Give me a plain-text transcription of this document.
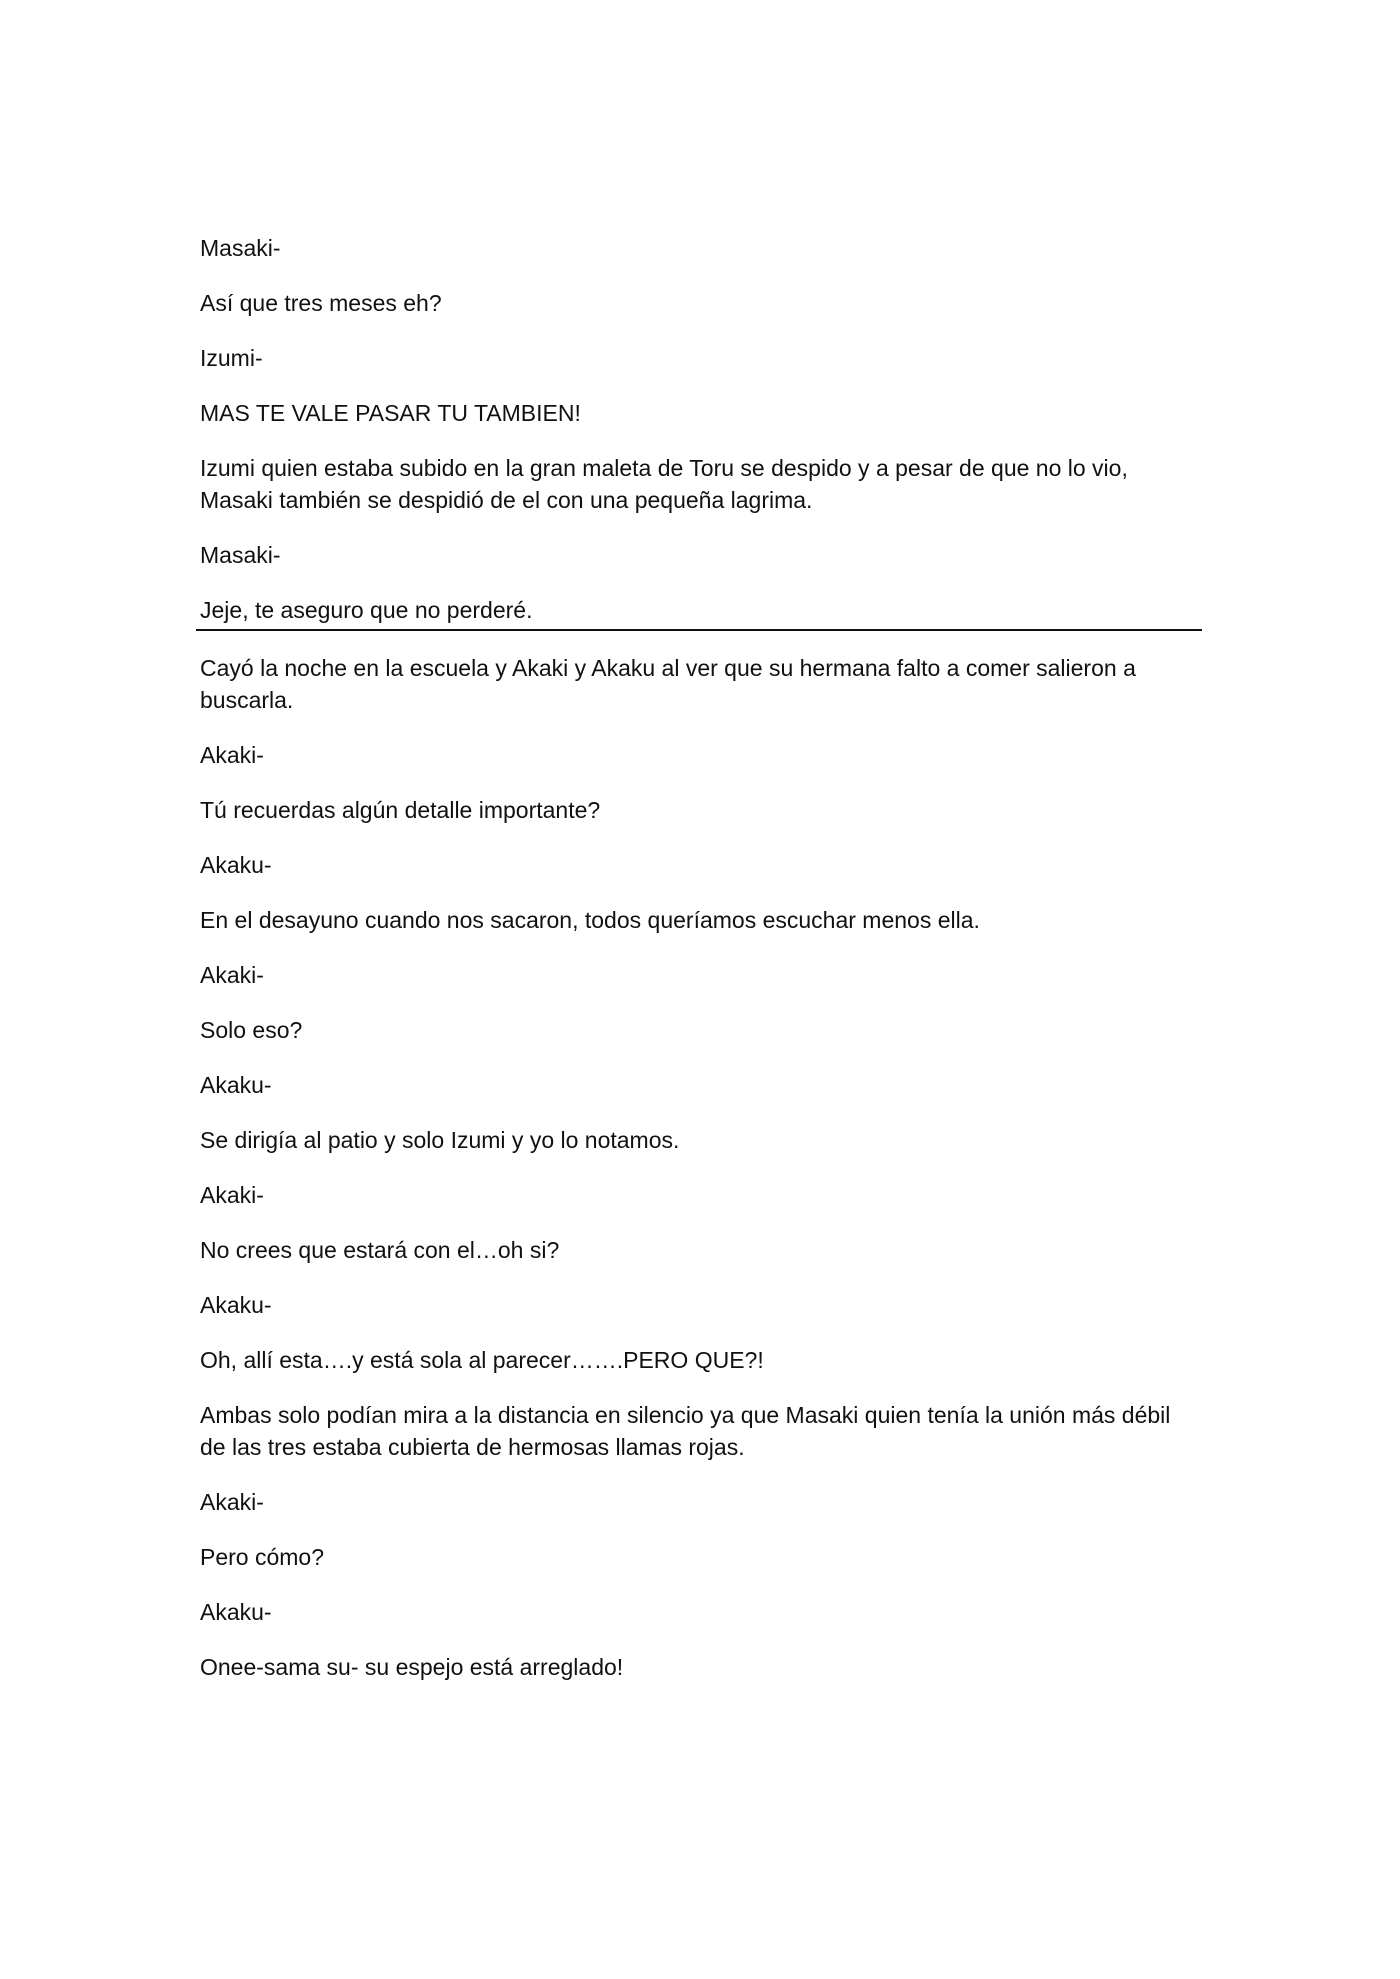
Masaki-

Así que tres meses eh?

Izumi-

MAS TE VALE PASAR TU TAMBIEN!

Izumi quien estaba subido en la gran maleta de Toru se despido y a pesar de que no lo vio, Masaki también se despidió de el con una pequeña lagrima.

Masaki-

Jeje, te aseguro que no perderé.

Cayó la noche en la escuela y Akaki y Akaku al ver que su hermana falto a comer salieron a buscarla.

Akaki-

Tú recuerdas algún detalle importante?

Akaku-

En el desayuno cuando nos sacaron, todos queríamos escuchar menos ella.

Akaki-

Solo eso?

Akaku-

Se dirigía al patio y solo Izumi y yo lo notamos.

Akaki-

No crees que estará con el…oh si?

Akaku-

Oh, allí esta….y está sola al parecer…….PERO QUE?!

Ambas solo podían mira a la distancia en silencio ya que Masaki quien tenía la unión más débil de las tres estaba cubierta de hermosas llamas rojas.

Akaki-

Pero cómo?

Akaku-

Onee-sama su- su espejo está arreglado!
